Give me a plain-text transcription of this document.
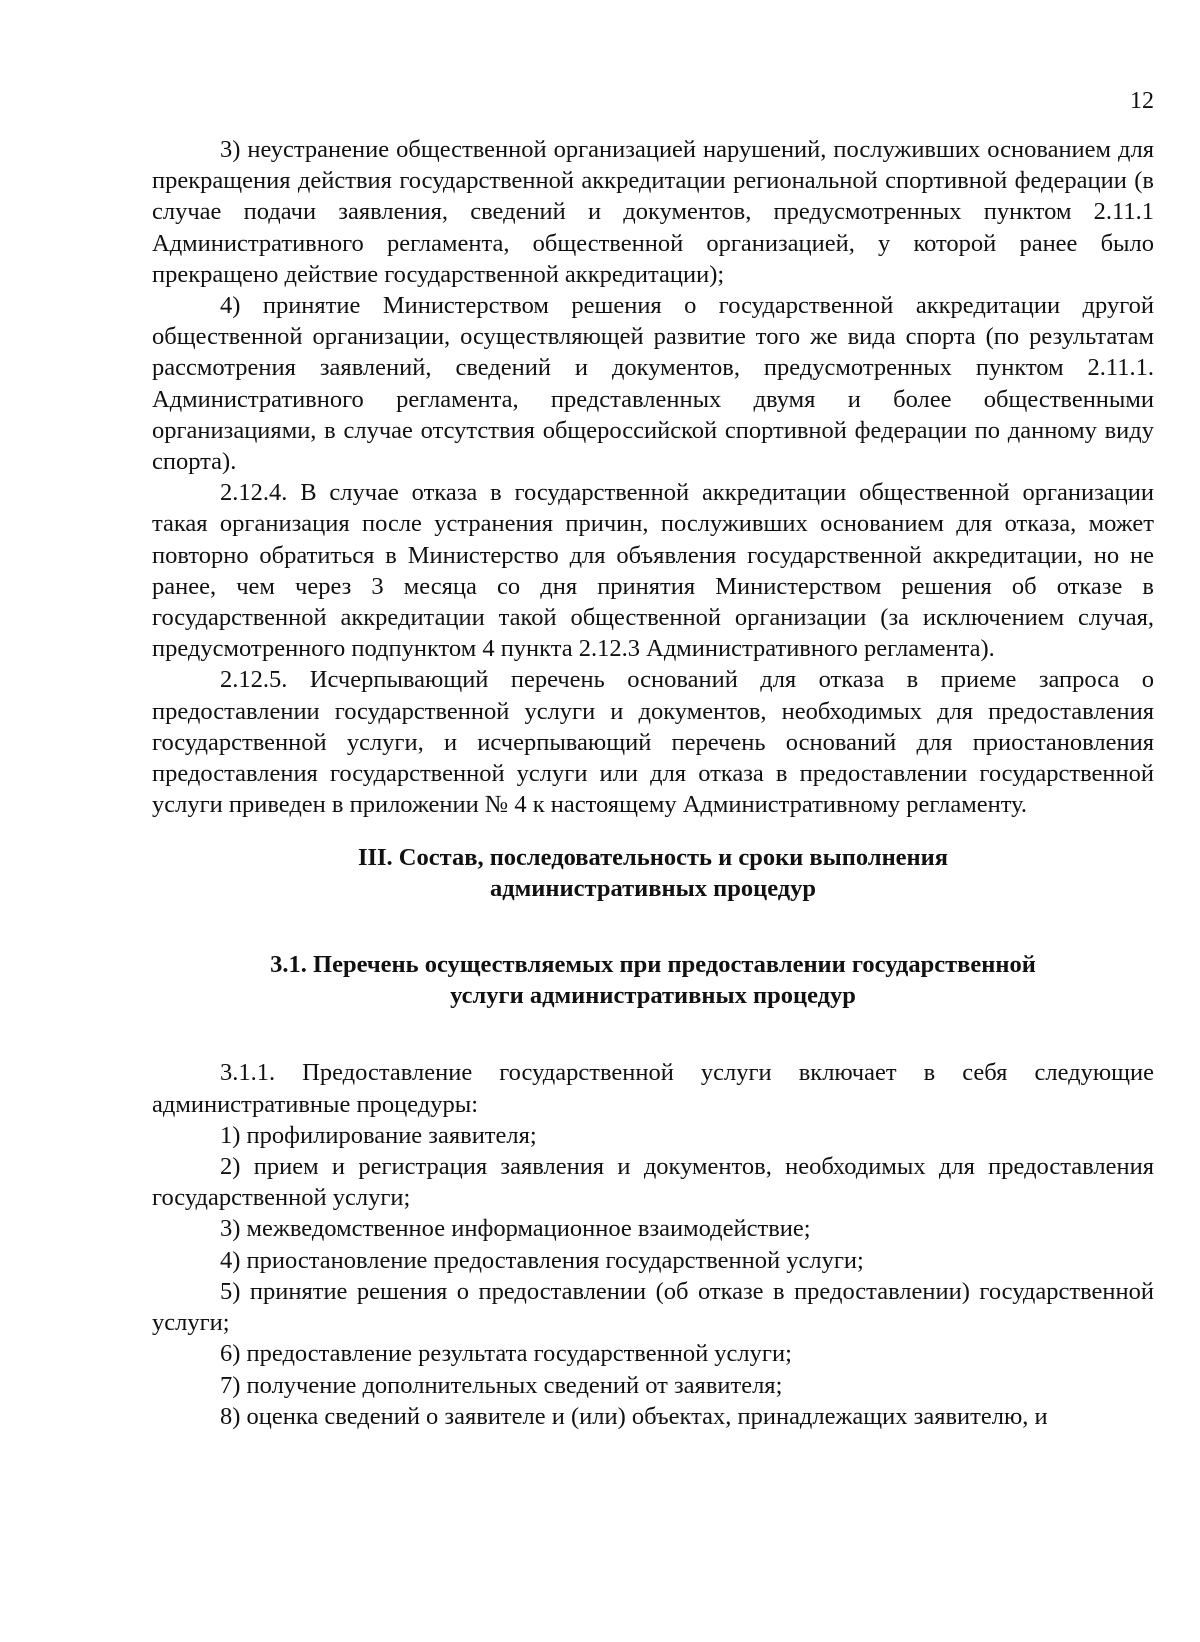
12

3) неустранение общественной организацией нарушений, послуживших основанием для прекращения действия государственной аккредитации региональной спортивной федерации (в случае подачи заявления, сведений и документов, предусмотренных пунктом 2.11.1 Административного регламента, общественной организацией, у которой ранее было прекращено действие государственной аккредитации);

4) принятие Министерством решения о государственной аккредитации другой общественной организации, осуществляющей развитие того же вида спорта (по результатам рассмотрения заявлений, сведений и документов, предусмотренных пунктом 2.11.1. Административного регламента, представленных двумя и более общественными организациями, в случае отсутствия общероссийской спортивной федерации по данному виду спорта).

2.12.4. В случае отказа в государственной аккредитации общественной организации такая организация после устранения причин, послуживших основанием для отказа, может повторно обратиться в Министерство для объявления государственной аккредитации, но не ранее, чем через 3 месяца со дня принятия Министерством решения об отказе в государственной аккредитации такой общественной организации (за исключением случая, предусмотренного подпунктом 4 пункта 2.12.3 Административного регламента).

2.12.5. Исчерпывающий перечень оснований для отказа в приеме запроса о предоставлении государственной услуги и документов, необходимых для предоставления государственной услуги, и исчерпывающий перечень оснований для приостановления предоставления государственной услуги или для отказа в предоставлении государственной услуги приведен в приложении № 4 к настоящему Административному регламенту.

III. Состав, последовательность и сроки выполнения
административных процедур
3.1. Перечень осуществляемых при предоставлении государственной
услуги административных процедур

3.1.1. Предоставление государственной услуги включает в себя следующие административные процедуры:

1) профилирование заявителя;

2) прием и регистрация заявления и документов, необходимых для предоставления государственной услуги;

3) межведомственное информационное взаимодействие;

4) приостановление предоставления государственной услуги;

5) принятие решения о предоставлении (об отказе в предоставлении) государственной услуги;

6) предоставление результата государственной услуги;

7) получение дополнительных сведений от заявителя;

8) оценка сведений о заявителе и (или) объектах, принадлежащих заявителю, и
